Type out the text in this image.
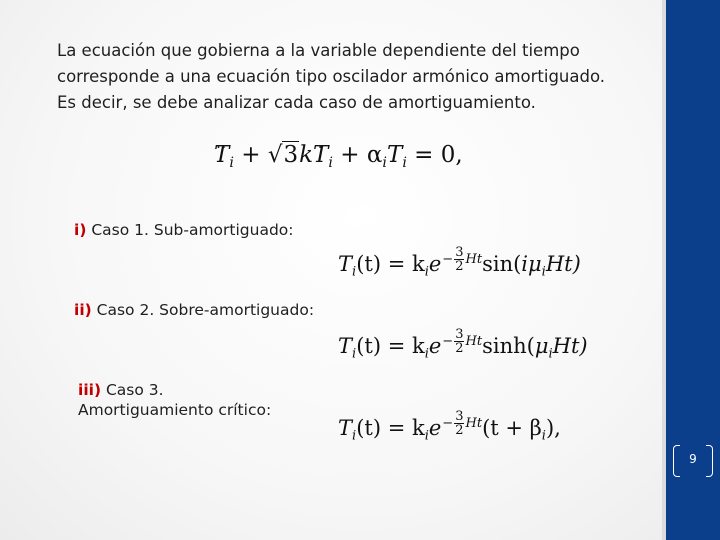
La ecuación que gobierna a la variable dependiente del tiempo
corresponde a una ecuación tipo oscilador armónico amortiguado.
Es decir, se debe analizar cada caso de amortiguamiento.
·· $T_i + √3k\cdot T_i + \alpha_iT_i = 0$,
i) Caso 1. Sub-amortiguado:
$T_i(t) = k_ie- \frac{3}{2} Htsin(i\mu_iHt)$
ii) Caso 2. Sobre-amortiguado:
$T_i(t) = k_ie- \frac{3}{2} Htsinh(\mu_iHt)$
iii) Caso 3.
Amortiguamiento crítico:
$T_i(t) = k_ie- \frac{3}{2} Ht(t + \beta_i)$,
9
